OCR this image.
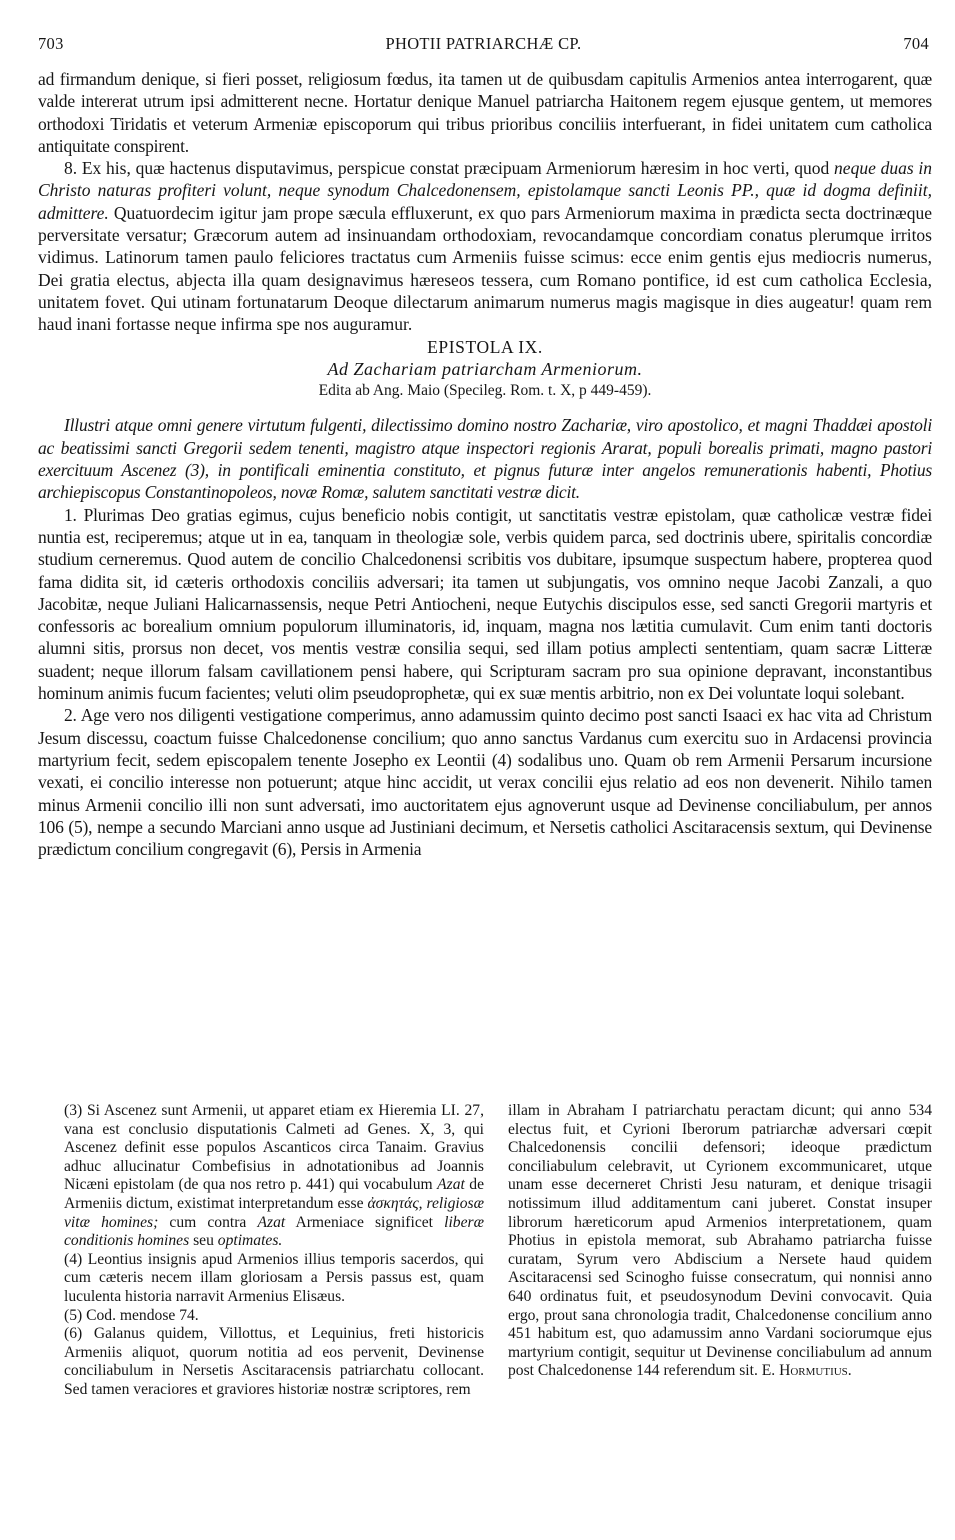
703	PHOTII PATRIARCHÆ CP.	704

ad firmandum denique, si fieri posset, religiosum fœdus, ita tamen ut de quibusdam capitulis Armenios antea interrogarent, quæ valde intererat utrum ipsi admitterent necne. Hortatur denique Manuel patriarcha Haitonem regem ejusque gentem, ut memores orthodoxi Tiridatis et veterum Armeniæ episcoporum qui tribus prioribus conciliis interfuerant, in fidei unitatem cum catholica antiquitate conspirent.

8. Ex his, quæ hactenus disputavimus, perspicue constat præcipuam Armeniorum hæresim in hoc verti, quod neque duas in Christo naturas profiteri volunt, neque synodum Chalcedonensem, epistolamque sancti Leonis PP., quæ id dogma definiit, admittere. Quatuordecim igitur jam prope sæcula effluxerunt, ex quo pars Armeniorum maxima in prædicta secta doctrinæque perversitate versatur; Græcorum autem ad insinuandam orthodoxiam, revocandamque concordiam conatus plerumque irritos vidimus. Latinorum tamen paulo feliciores tractatus cum Armeniis fuisse scimus: ecce enim gentis ejus mediocris numerus, Dei gratia electus, abjecta illa quam designavimus hæreseos tessera, cum Romano pontifice, id est cum catholica Ecclesia, unitatem fovet. Qui utinam fortunatarum Deoque dilectarum animarum numerus magis magisque in dies augeatur! quam rem haud inani fortasse neque infirma spe nos auguramur.

EPISTOLA IX.

Ad Zachariam patriarcham Armeniorum.

Edita ab Ang. Maio (Specileg. Rom. t. X, p 449-459).

Illustri atque omni genere virtutum fulgenti, dilectissimo domino nostro Zachariæ, viro apostolico, et magni Thaddæi apostoli ac beatissimi sancti Gregorii sedem tenenti, magistro atque inspectori regionis Ararat, populi borealis primati, magno pastori exercituum Ascenez (3), in pontificali eminentia constituto, et pignus futuræ inter angelos remunerationis habenti, Photius archiepiscopus Constantinopoleos, novæ Romæ, salutem sanctitati vestræ dicit.

1. Plurimas Deo gratias egimus, cujus beneficio nobis contigit, ut sanctitatis vestræ epistolam, quæ catholicæ vestræ fidei nuntia est, reciperemus; atque ut in ea, tanquam in theologiæ sole, verbis quidem parca, sed doctrinis ubere, spiritalis concordiæ studium cerneremus. Quod autem de concilio Chalcedonensi scribitis vos dubitare, ipsumque suspectum habere, propterea quod fama didita sit, id cæteris orthodoxis conciliis adversari; ita tamen ut subjungatis, vos omnino neque Jacobi Zanzali, a quo Jacobitæ, neque Juliani Halicarnassensis, neque Petri Antiocheni, neque Eutychis discipulos esse, sed sancti Gregorii martyris et confessoris ac borealium omnium populorum illuminatoris, id, inquam, magna nos lætitia cumulavit. Cum enim tanti doctoris alumni sitis, prorsus non decet, vos mentis vestræ consilia sequi, sed illam potius amplecti sententiam, quam sacræ Litteræ suadent; neque illorum falsam cavillationem pensi habere, qui Scripturam sacram pro sua opinione depravant, inconstantibus hominum animis fucum facientes; veluti olim pseudoprophetæ, qui ex suæ mentis arbitrio, non ex Dei voluntate loqui solebant.

2. Age vero nos diligenti vestigatione comperimus, anno adamussim quinto decimo post sancti Isaaci ex hac vita ad Christum Jesum discessu, coactum fuisse Chalcedonense concilium; quo anno sanctus Vardanus cum exercitu suo in Ardacensi provincia martyrium fecit, sedem episcopalem tenente Josepho ex Leontii (4) sodalibus uno. Quam ob rem Armenii Persarum incursione vexati, ei concilio interesse non potuerunt; atque hinc accidit, ut verax concilii ejus relatio ad eos non devenerit. Nihilo tamen minus Armenii concilio illi non sunt adversati, imo auctoritatem ejus agnoverunt usque ad Devinense conciliabulum, per annos 106 (5), nempe a secundo Marciani anno usque ad Justiniani decimum, et Nersetis catholici Ascitaracensis sextum, qui Devinense prædictum concilium congregavit (6), Persis in Armenia

(3) Si Ascenez sunt Armenii, ut apparet etiam ex Hieremia LI. 27, vana est conclusio disputationis Calmeti ad Genes. X, 3, qui Ascenez definit esse populos Ascanticos circa Tanaim. Gravius adhuc allucinatur Combefisius in adnotationibus ad Joannis Nicæni epistolam (de qua nos retro p. 441) qui vocabulum Azat de Armeniis dictum, existimat interpretandum esse ἀσκητάς, religiosæ vitæ homines; cum contra Azat Armeniace significet liberæ conditionis homines seu optimates.

(4) Leontius insignis apud Armenios illius temporis sacerdos, qui cum cæteris necem illam gloriosam a Persis passus est, quam luculenta historia narravit Armenius Elisæus.

(5) Cod. mendose 74.

(6) Galanus quidem, Villottus, et Lequinius, freti historicis Armeniis aliquot, quorum notitia ad eos pervenit, Devinense conciliabulum in Nersetis Ascitaracensis patriarchatu collocant. Sed tamen veraciores et graviores historiæ nostræ scriptores, rem

illam in Abraham I patriarchatu peractam dicunt; qui anno 534 electus fuit, et Cyrioni Iberorum patriarchæ adversari cœpit Chalcedonensis concilii defensori; ideoque prædictum conciliabulum celebravit, ut Cyrionem excommunicaret, utque unam esse decerneret Christi Jesu naturam, et denique trisagii notissimum illud additamentum cani juberet. Constat insuper librorum hæreticorum apud Armenios interpretationem, quam Photius in epistola memorat, sub Abrahamo patriarcha fuisse curatam, Syrum vero Abdiscium a Nersete haud quidem Ascitaracensi sed Scinogho fuisse consecratum, qui nonnisi anno 640 ordinatus fuit, et pseudosynodum Devini convocavit. Quia ergo, prout sana chronologia tradit, Chalcedonense concilium anno 451 habitum est, quo adamussim anno Vardani sociorumque ejus martyrium contigit, sequitur ut Devinense conciliabulum ad annum post Chalcedonense 144 referendum sit. E. Hormutius.
